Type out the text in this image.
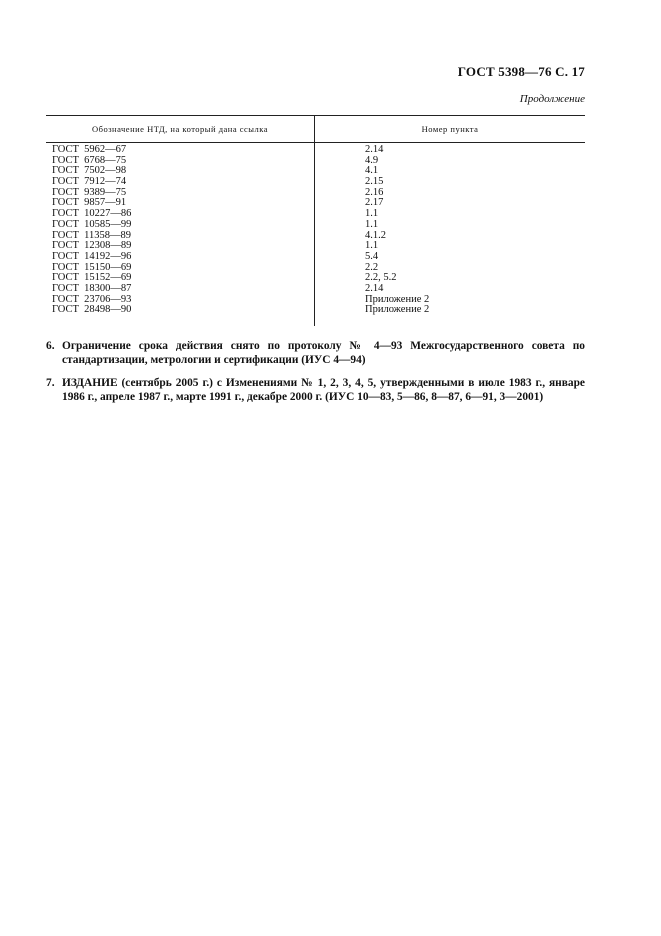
ГОСТ 5398—76 С. 17
Продолжение
Обозначение НТД, на который дана ссылка	Номер пункта
ГОСТ  5962—67	2.14
ГОСТ  6768—75	4.9
ГОСТ  7502—98	4.1
ГОСТ  7912—74	2.15
ГОСТ  9389—75	2.16
ГОСТ  9857—91	2.17
ГОСТ  10227—86	1.1
ГОСТ  10585—99	1.1
ГОСТ  11358—89	4.1.2
ГОСТ  12308—89	1.1
ГОСТ  14192—96	5.4
ГОСТ  15150—69	2.2
ГОСТ  15152—69	2.2, 5.2
ГОСТ  18300—87	2.14
ГОСТ  23706—93	Приложение 2
ГОСТ  28498—90	Приложение 2
6. Ограничение срока действия снято по протоколу № 4—93 Межгосударственного совета по стандартизации, метрологии и сертификации (ИУС 4—94)
7. ИЗДАНИЕ (сентябрь 2005 г.) с Изменениями № 1, 2, 3, 4, 5, утвержденными в июле 1983 г., январе 1986 г., апреле 1987 г., марте 1991 г., декабре 2000 г. (ИУС 10—83, 5—86, 8—87, 6—91, 3—2001)
